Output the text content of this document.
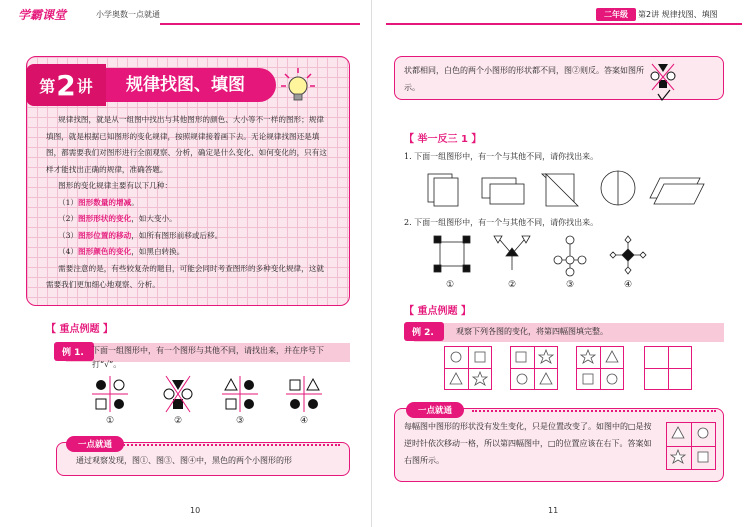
学霸课堂	小学奥数一点就通
第 2 讲	规律找图、填图

规律找图，就是从一组图中找出与其他图形的颜色、大小等不一样的图形；规律填图，就是根据已知图形的变化规律，按照规律接着画下去。无论规律找图还是填图，都需要我们对图形进行全面观察、分析，确定是什么变化、如何变化的，只有这样才能找出正确的规律，准确答题。

图形的变化规律主要有以下几种：

（1）图形数量的增减。
（2）图形形状的变化，如大变小。
（3）图形位置的移动，如所有图形前移或后移。
（4）图形颜色的变化，如黑白转换。

需要注意的是，有些较复杂的题目，可能会同时考查图形的多种变化规律，这就需要我们更加细心地观察、分析。

【 重点例题 】
例 1.	下面一组图形中，有一个图形与其他不同，请找出来，并在序号下打“√”。
①	②	③	④
一点就通
通过观察发现，图①、图③、图④中，黑色的两个小图形的形
10
二年级	第2讲 规律找图、填图
状都相同，白色的两个小图形的形状都不同，图②则反。答案如图所示。
【 举一反三 1 】
1. 下面一组图形中，有一个与其他不同，请你找出来。
2. 下面一组图形中，有一个与其他不同，请你找出来。
①	②	③	④
【 重点例题 】
例 2.	观察下列各图的变化，将第四幅图填完整。
一点就通
每幅图中图形的形状没有发生变化，只是位置改变了。如图中的□是按逆时针依次移动一格，所以第四幅图中，□的位置应该在右下。答案如右图所示。
11
